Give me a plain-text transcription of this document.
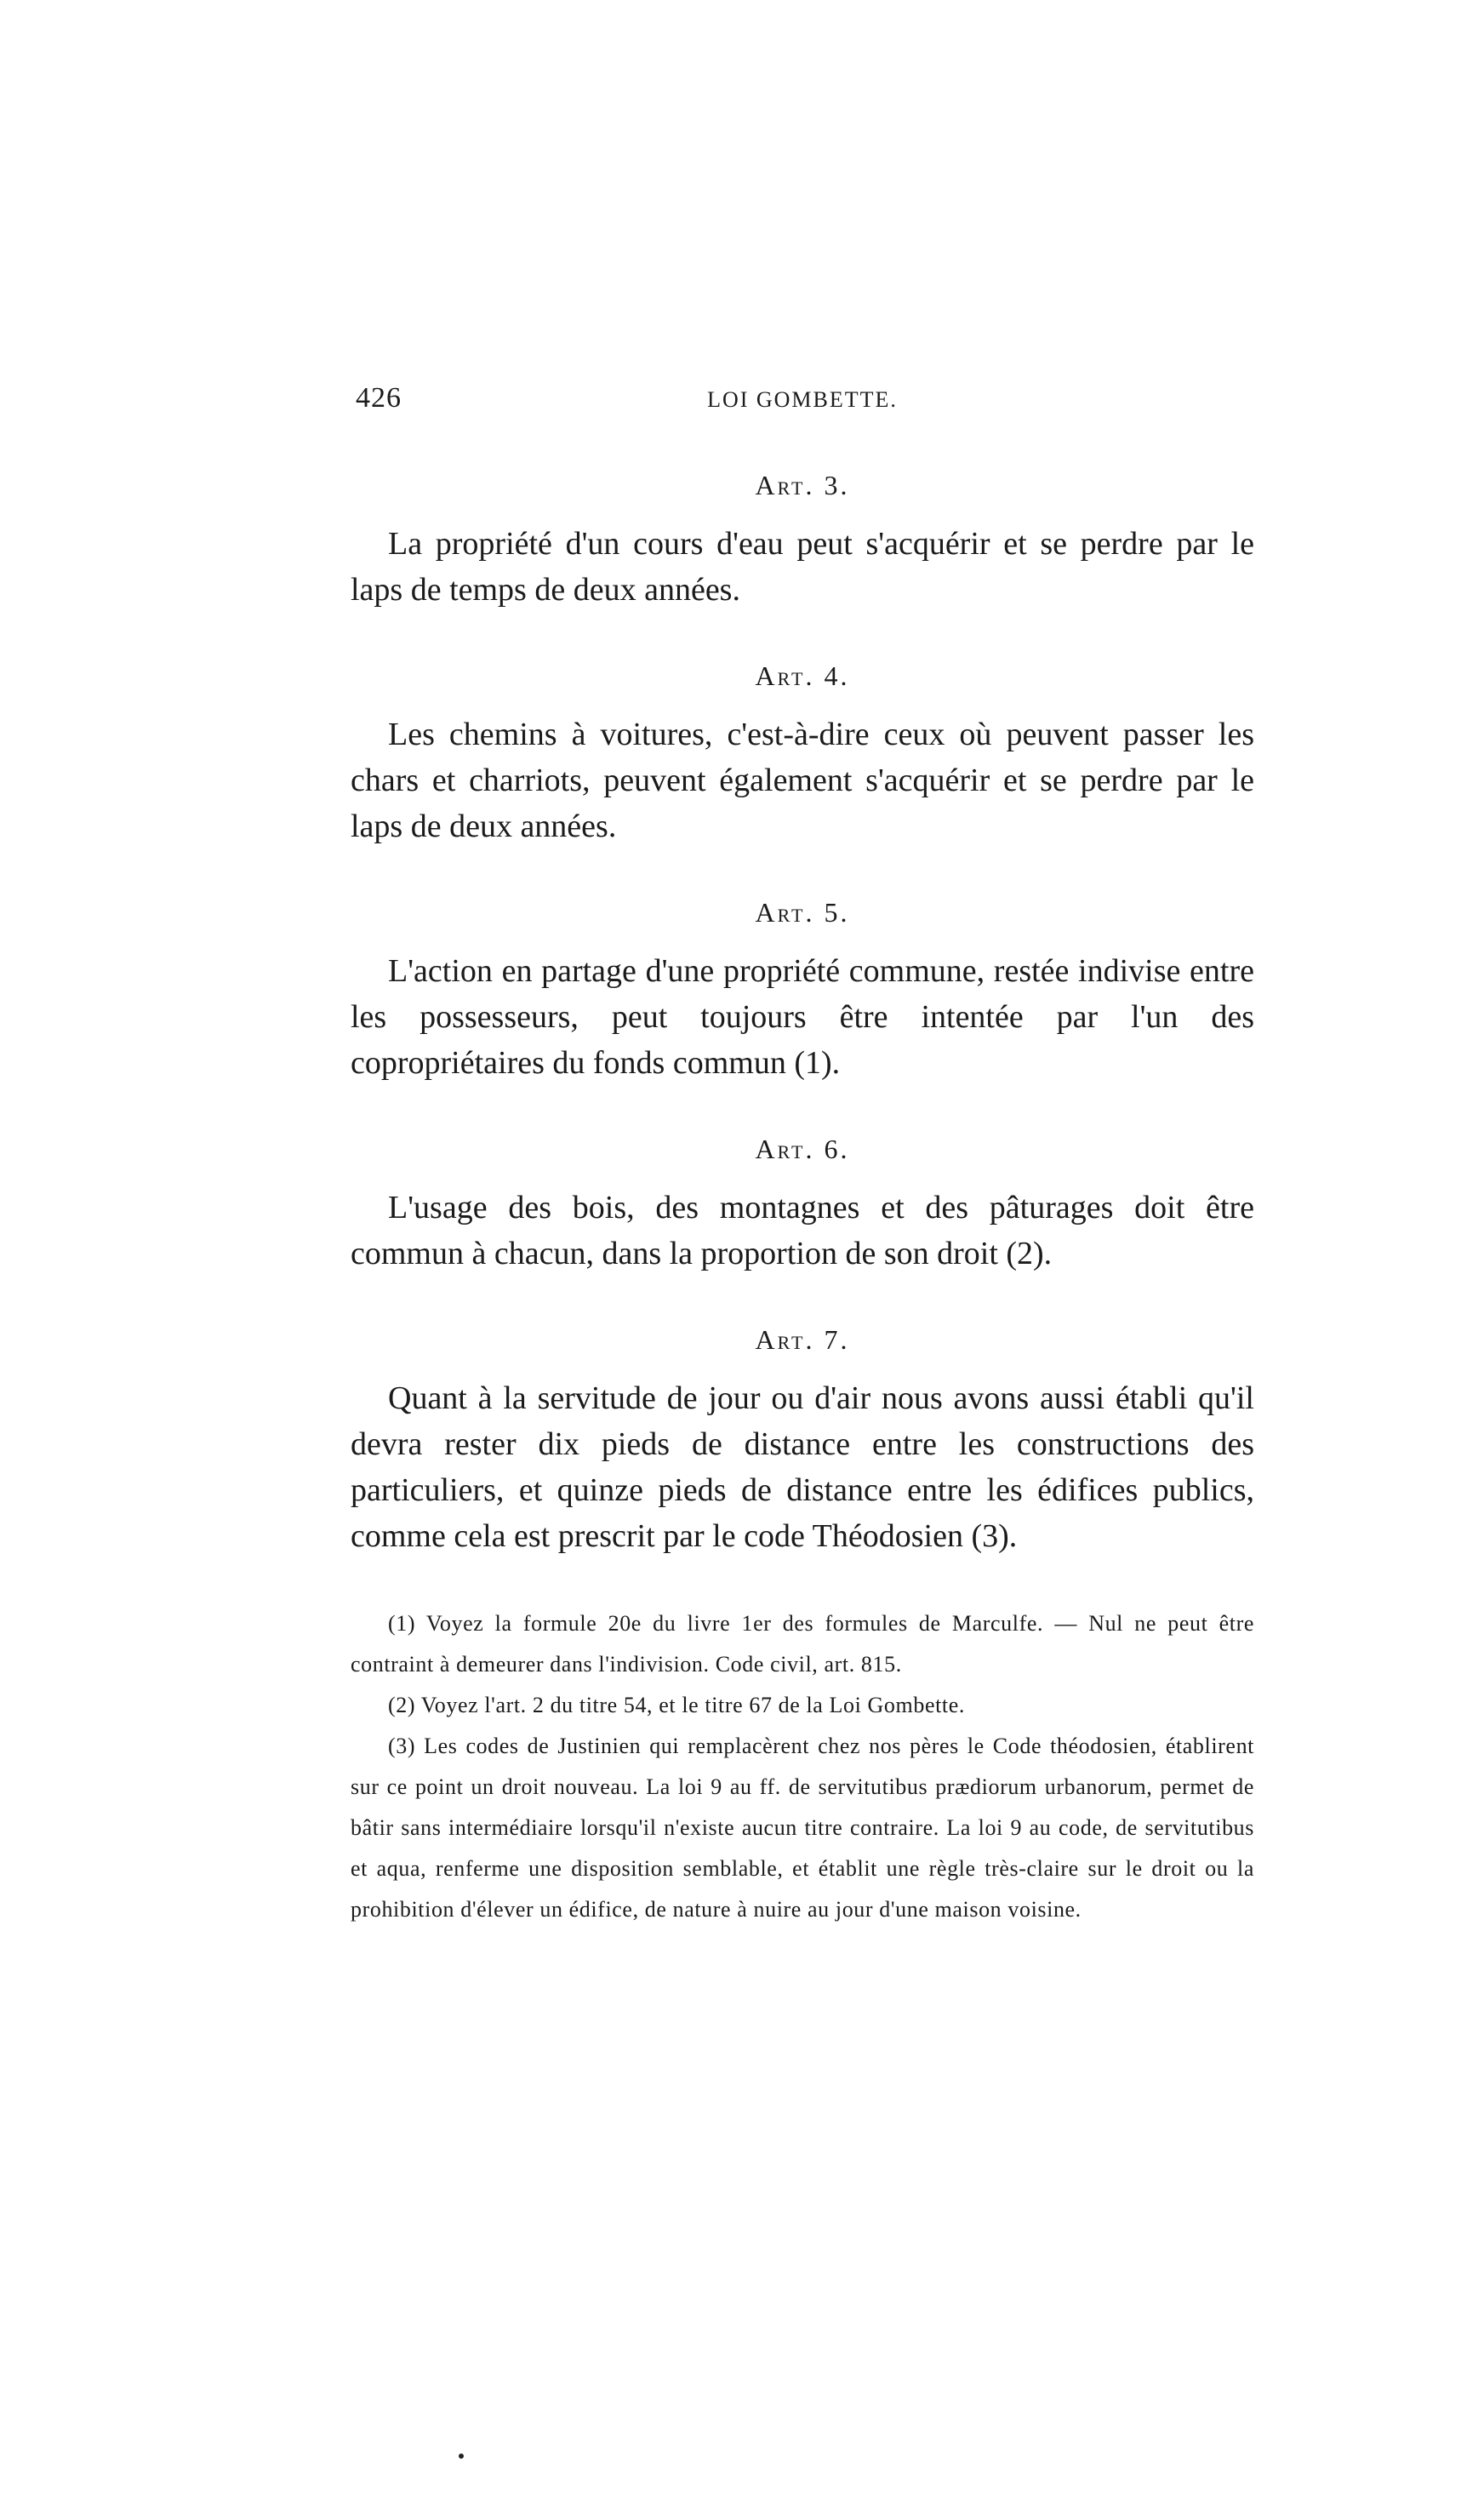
426	LOI GOMBETTE.

Art. 3.

La propriété d'un cours d'eau peut s'acquérir et se perdre par le laps de temps de deux années.

Art. 4.

Les chemins à voitures, c'est-à-dire ceux où peuvent passer les chars et charriots, peuvent également s'acquérir et se perdre par le laps de deux années.

Art. 5.

L'action en partage d'une propriété commune, restée indivise entre les possesseurs, peut toujours être intentée par l'un des copropriétaires du fonds commun (1).

Art. 6.

L'usage des bois, des montagnes et des pâturages doit être commun à chacun, dans la proportion de son droit (2).

Art. 7.

Quant à la servitude de jour ou d'air nous avons aussi établi qu'il devra rester dix pieds de distance entre les constructions des particuliers, et quinze pieds de distance entre les édifices publics, comme cela est prescrit par le code Théodosien (3).

(1) Voyez la formule 20e du livre 1er des formules de Marculfe. — Nul ne peut être contraint à demeurer dans l'indivision. Code civil, art. 815.

(2) Voyez l'art. 2 du titre 54, et le titre 67 de la Loi Gombette.

(3) Les codes de Justinien qui remplacèrent chez nos pères le Code théodosien, établirent sur ce point un droit nouveau. La loi 9 au ff. de servitutibus prædiorum urbanorum, permet de bâtir sans intermédiaire lorsqu'il n'existe aucun titre contraire. La loi 9 au code, de servitutibus et aqua, renferme une disposition semblable, et établit une règle très-claire sur le droit ou la prohibition d'élever un édifice, de nature à nuire au jour d'une maison voisine.
